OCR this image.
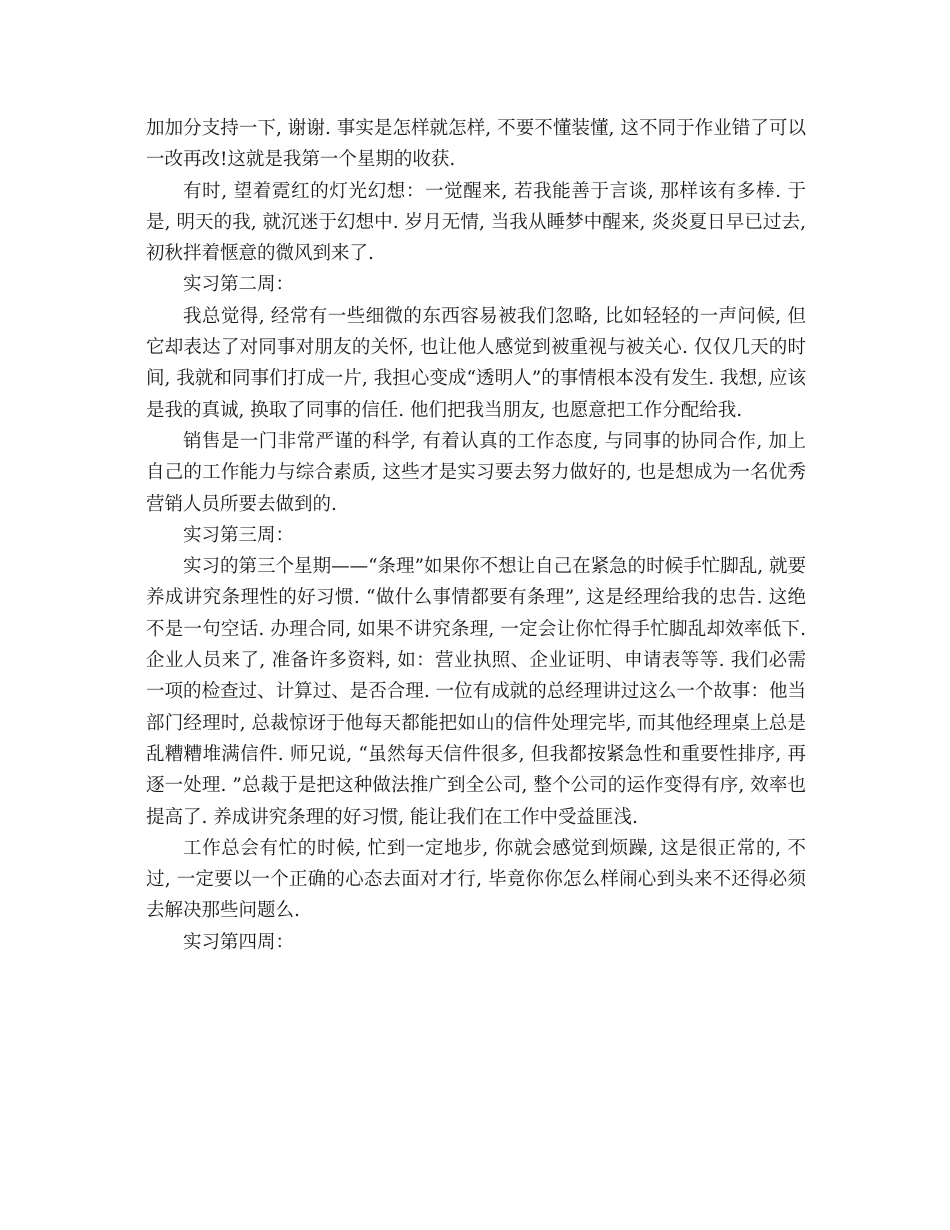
加加分支持一下, 谢谢. 事实是怎样就怎样, 不要不懂装懂, 这不同于作业错了可以一改再改!这就是我第一个星期的收获.

有时, 望着霓红的灯光幻想：一觉醒来, 若我能善于言谈, 那样该有多棒. 于是, 明天的我, 就沉迷于幻想中. 岁月无情, 当我从睡梦中醒来, 炎炎夏日早已过去, 初秋拌着惬意的微风到来了.

实习第二周：

我总觉得, 经常有一些细微的东西容易被我们忽略, 比如轻轻的一声问候, 但它却表达了对同事对朋友的关怀, 也让他人感觉到被重视与被关心. 仅仅几天的时间, 我就和同事们打成一片, 我担心变成“透明人”的事情根本没有发生. 我想, 应该是我的真诚, 换取了同事的信任. 他们把我当朋友, 也愿意把工作分配给我.

销售是一门非常严谨的科学, 有着认真的工作态度, 与同事的协同合作, 加上自己的工作能力与综合素质, 这些才是实习要去努力做好的, 也是想成为一名优秀营销人员所要去做到的.

实习第三周：

实习的第三个星期——“条理”如果你不想让自己在紧急的时候手忙脚乱, 就要养成讲究条理性的好习惯. “做什么事情都要有条理”, 这是经理给我的忠告. 这绝不是一句空话. 办理合同, 如果不讲究条理, 一定会让你忙得手忙脚乱却效率低下. 企业人员来了, 准备许多资料, 如：营业执照、企业证明、申请表等等. 我们必需一项的检查过、计算过、是否合理. 一位有成就的总经理讲过这么一个故事：他当部门经理时, 总裁惊讶于他每天都能把如山的信件处理完毕, 而其他经理桌上总是乱糟糟堆满信件. 师兄说, “虽然每天信件很多, 但我都按紧急性和重要性排序, 再逐一处理. ”总裁于是把这种做法推广到全公司, 整个公司的运作变得有序, 效率也提高了. 养成讲究条理的好习惯, 能让我们在工作中受益匪浅.

工作总会有忙的时候, 忙到一定地步, 你就会感觉到烦躁, 这是很正常的, 不过, 一定要以一个正确的心态去面对才行, 毕竟你你怎么样闹心到头来不还得必须去解决那些问题么.

实习第四周：
